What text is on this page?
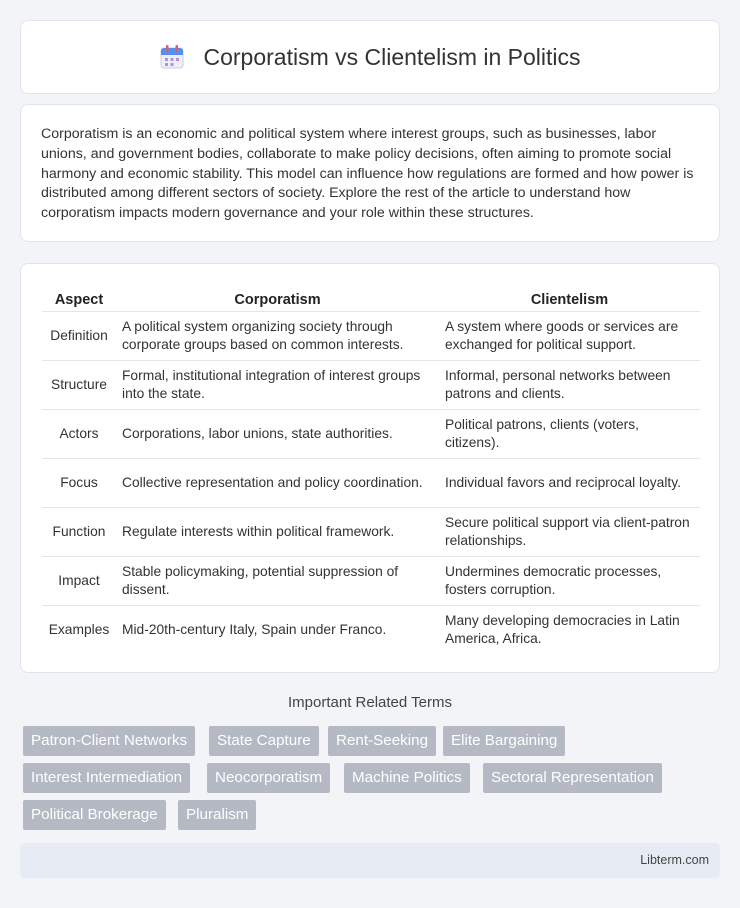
Corporatism vs Clientelism in Politics

Corporatism is an economic and political system where interest groups, such as businesses, labor unions, and government bodies, collaborate to make policy decisions, often aiming to promote social harmony and economic stability. This model can influence how regulations are formed and how power is distributed among different sectors of society. Explore the rest of the article to understand how corporatism impacts modern governance and your role within these structures.

Aspect	Corporatism	Clientelism
Definition	A political system organizing society through corporate groups based on common interests.	A system where goods or services are exchanged for political support.
Structure	Formal, institutional integration of interest groups into the state.	Informal, personal networks between patrons and clients.
Actors	Corporations, labor unions, state authorities.	Political patrons, clients (voters, citizens).
Focus	Collective representation and policy coordination.	Individual favors and reciprocal loyalty.
Function	Regulate interests within political framework.	Secure political support via client-patron relationships.
Impact	Stable policymaking, potential suppression of dissent.	Undermines democratic processes, fosters corruption.
Examples	Mid-20th-century Italy, Spain under Franco.	Many developing democracies in Latin America, Africa.
Important Related Terms
Patron-Client Networks	State Capture	Rent-Seeking	Elite Bargaining
Interest Intermediation	Neocorporatism	Machine Politics	Sectoral Representation
Political Brokerage	Pluralism
Libterm.com
